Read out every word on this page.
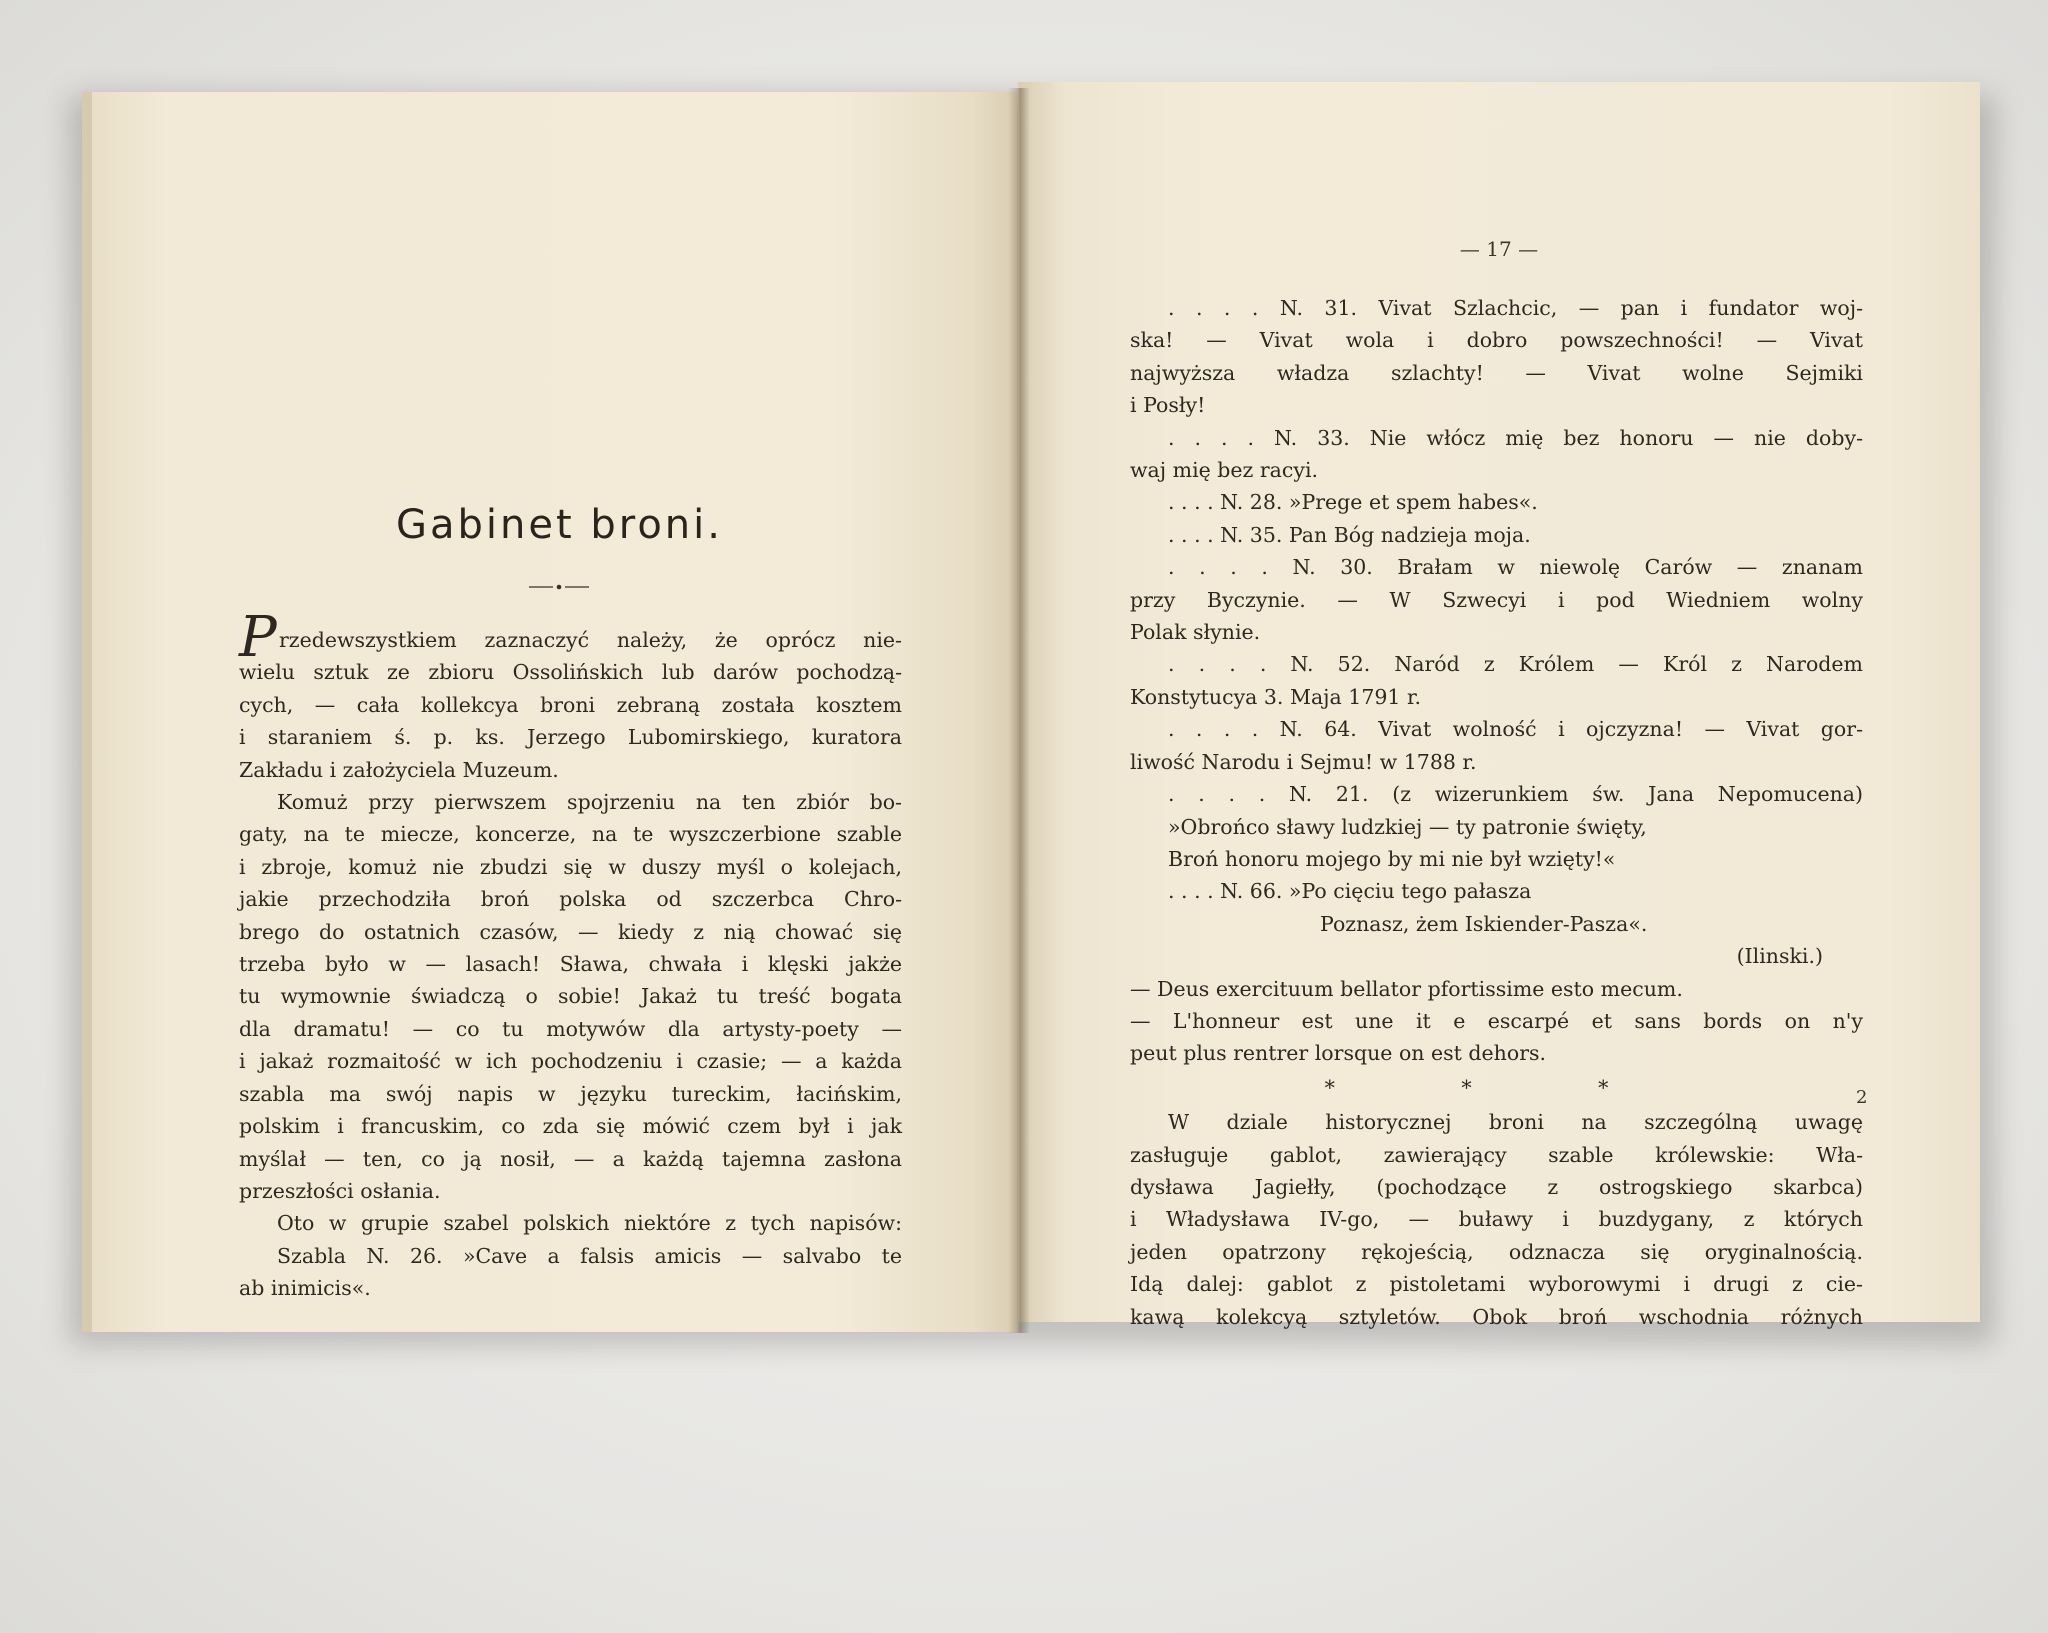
Gabinet broni.
P rzedewszystkiem zaznaczyć należy, że oprócz nie-
wielu sztuk ze zbioru Ossolińskich lub darów pochodzą-
cych, — cała kollekcya broni zebraną została kosztem
i staraniem ś. p. ks. Jerzego Lubomirskiego, kuratora
Zakładu i założyciela Muzeum.
Komuż przy pierwszem spojrzeniu na ten zbiór bo-
gaty, na te miecze, koncerze, na te wyszczerbione szable
i zbroje, komuż nie zbudzi się w duszy myśl o kolejach,
jakie przechodziła broń polska od szczerbca Chro-
brego do ostatnich czasów, — kiedy z nią chować się
trzeba było w — lasach! Sława, chwała i klęski jakże
tu wymownie świadczą o sobie! Jakaż tu treść bogata
dla dramatu! — co tu motywów dla artysty-poety —
i jakaż rozmaitość w ich pochodzeniu i czasie; — a każda
szabla ma swój napis w języku tureckim, łacińskim,
polskim i francuskim, co zda się mówić czem był i jak
myślał — ten, co ją nosił, — a każdą tajemna zasłona
przeszłości osłania.
Oto w grupie szabel polskich niektóre z tych napisów:
Szabla N. 26. »Cave a falsis amicis — salvabo te
ab inimicis«.
— 17 —
. . . . N. 31. Vivat Szlachcic, — pan i fundator woj-
ska! — Vivat wola i dobro powszechności! — Vivat
najwyższa władza szlachty! — Vivat wolne Sejmiki
i Posły!
. . . . N. 33. Nie włócz mię bez honoru — nie doby-
waj mię bez racyi.
. . . . N. 28. »Prege et spem habes«.
. . . . N. 35. Pan Bóg nadzieja moja.
. . . . N. 30. Brałam w niewolę Carów — znanam
przy Byczynie. — W Szwecyi i pod Wiedniem wolny
Polak słynie.
. . . . N. 52. Naród z Królem — Król z Narodem
Konstytucya 3. Maja 1791 r.
. . . . N. 64. Vivat wolność i ojczyzna! — Vivat gor-
liwość Narodu i Sejmu! w 1788 r.
. . . . N. 21. (z wizerunkiem św. Jana Nepomucena)
»Obrońco sławy ludzkiej — ty patronie święty,
Broń honoru mojego by mi nie był wzięty!«
. . . . N. 66. »Po cięciu tego pałasza
Poznasz, żem Iskiender-Pasza«.
(Ilinski.)
— Deus exercituum bellator pfortissime esto mecum.
— L'honneur est une it e escarpé et sans bords on n'y
peut plus rentrer lorsque on est dehors.
* * *
W dziale historycznej broni na szczególną uwagę
zasługuje gablot, zawierający szable królewskie: Wła-
dysława Jagiełły, (pochodzące z ostrogskiego skarbca)
i Władysława IV-go, — buławy i buzdygany, z których
jeden opatrzony rękojeścią, odznacza się oryginalnością.
Idą dalej: gablot z pistoletami wyborowymi i drugi z cie-
kawą kolekcyą sztyletów. Obok broń wschodnia różnych
2
